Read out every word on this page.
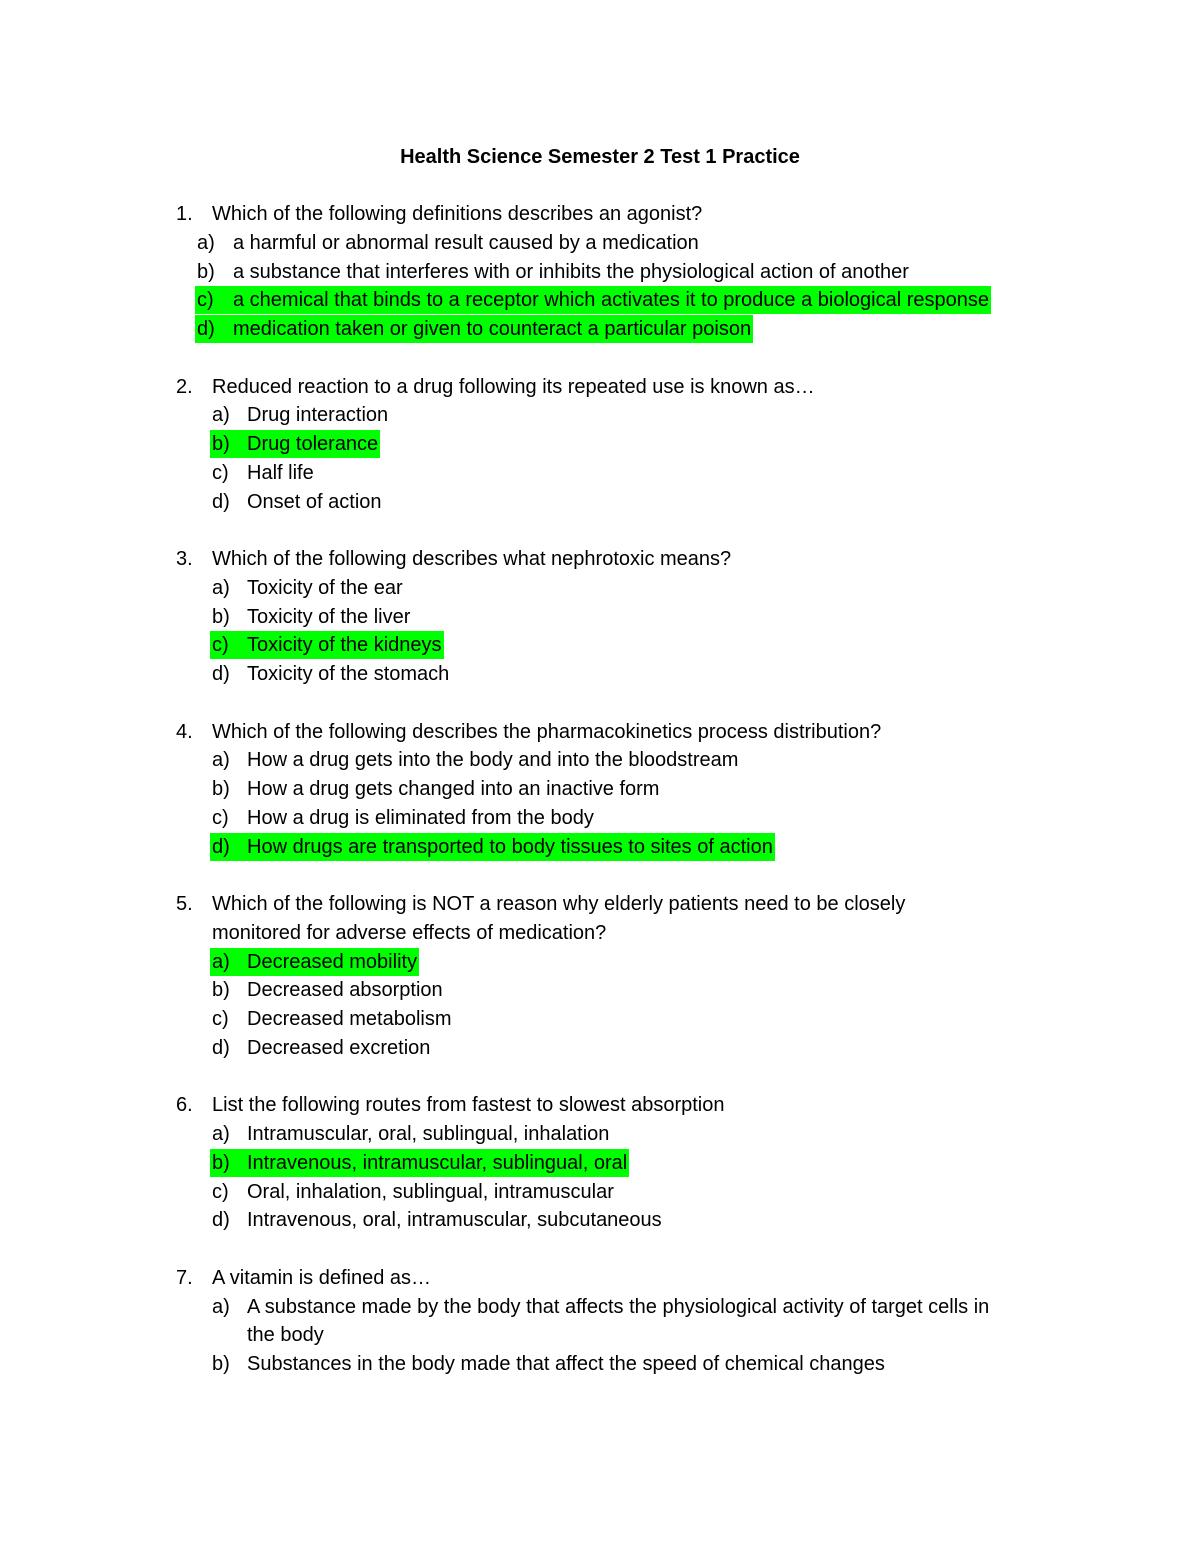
Health Science Semester 2 Test 1 Practice
1. Which of the following definitions describes an agonist?
a) a harmful or abnormal result caused by a medication
b) a substance that interferes with or inhibits the physiological action of another
c) a chemical that binds to a receptor which activates it to produce a biological response
d) medication taken or given to counteract a particular poison
2. Reduced reaction to a drug following its repeated use is known as…
a) Drug interaction
b) Drug tolerance
c) Half life
d) Onset of action
3. Which of the following describes what nephrotoxic means?
a) Toxicity of the ear
b) Toxicity of the liver
c) Toxicity of the kidneys
d) Toxicity of the stomach
4. Which of the following describes the pharmacokinetics process distribution?
a) How a drug gets into the body and into the bloodstream
b) How a drug gets changed into an inactive form
c) How a drug is eliminated from the body
d) How drugs are transported to body tissues to sites of action
5. Which of the following is NOT a reason why elderly patients need to be closely
monitored for adverse effects of medication?
a) Decreased mobility
b) Decreased absorption
c) Decreased metabolism
d) Decreased excretion
6. List the following routes from fastest to slowest absorption
a) Intramuscular, oral, sublingual, inhalation
b) Intravenous, intramuscular, sublingual, oral
c) Oral, inhalation, sublingual, intramuscular
d) Intravenous, oral, intramuscular, subcutaneous
7. A vitamin is defined as…
a) A substance made by the body that affects the physiological activity of target cells in
the body
b) Substances in the body made that affect the speed of chemical changes
